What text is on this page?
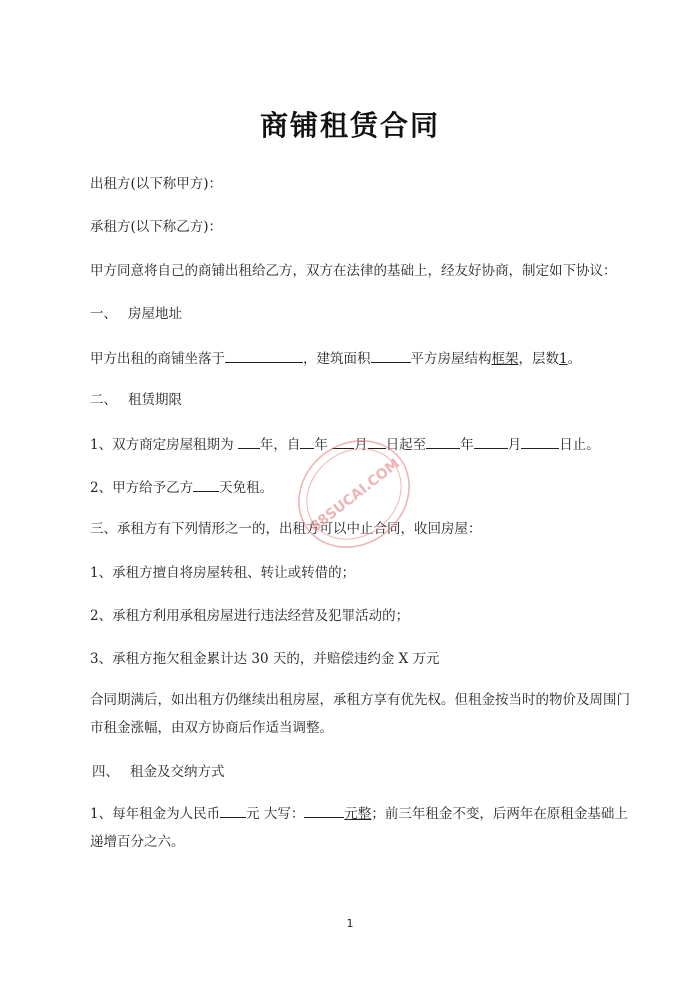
商铺租赁合同
出租方(以下称甲方)：
承租方(以下称乙方)：
甲方同意将自己的商铺出租给乙方，双方在法律的基础上，经友好协商，制定如下协议：
一、 房屋地址
甲方出租的商铺坐落于	，建筑面积	平方房屋结构框架，层数1。
二、 租赁期限
1、双方商定房屋租期为 年，自 年 月 日起至	年	月	日止。
2、甲方给予乙方 天免租。
三、承租方有下列情形之一的，出租方可以中止合同，收回房屋：
1、承租方擅自将房屋转租、转让或转借的；
2、承租方利用承租房屋进行违法经营及犯罪活动的；
3、承租方拖欠租金累计达 30 天的，并赔偿违约金 X 万元
合同期满后，如出租方仍继续出租房屋，承租方享有优先权。但租金按当时的物价及周围门市租金涨幅，由双方协商后作适当调整。
四、 租金及交纳方式
1、每年租金为人民币 元 大写：	元整；前三年租金不变，后两年在原租金基础上递增百分之六。
1
88SUCAI.COM
